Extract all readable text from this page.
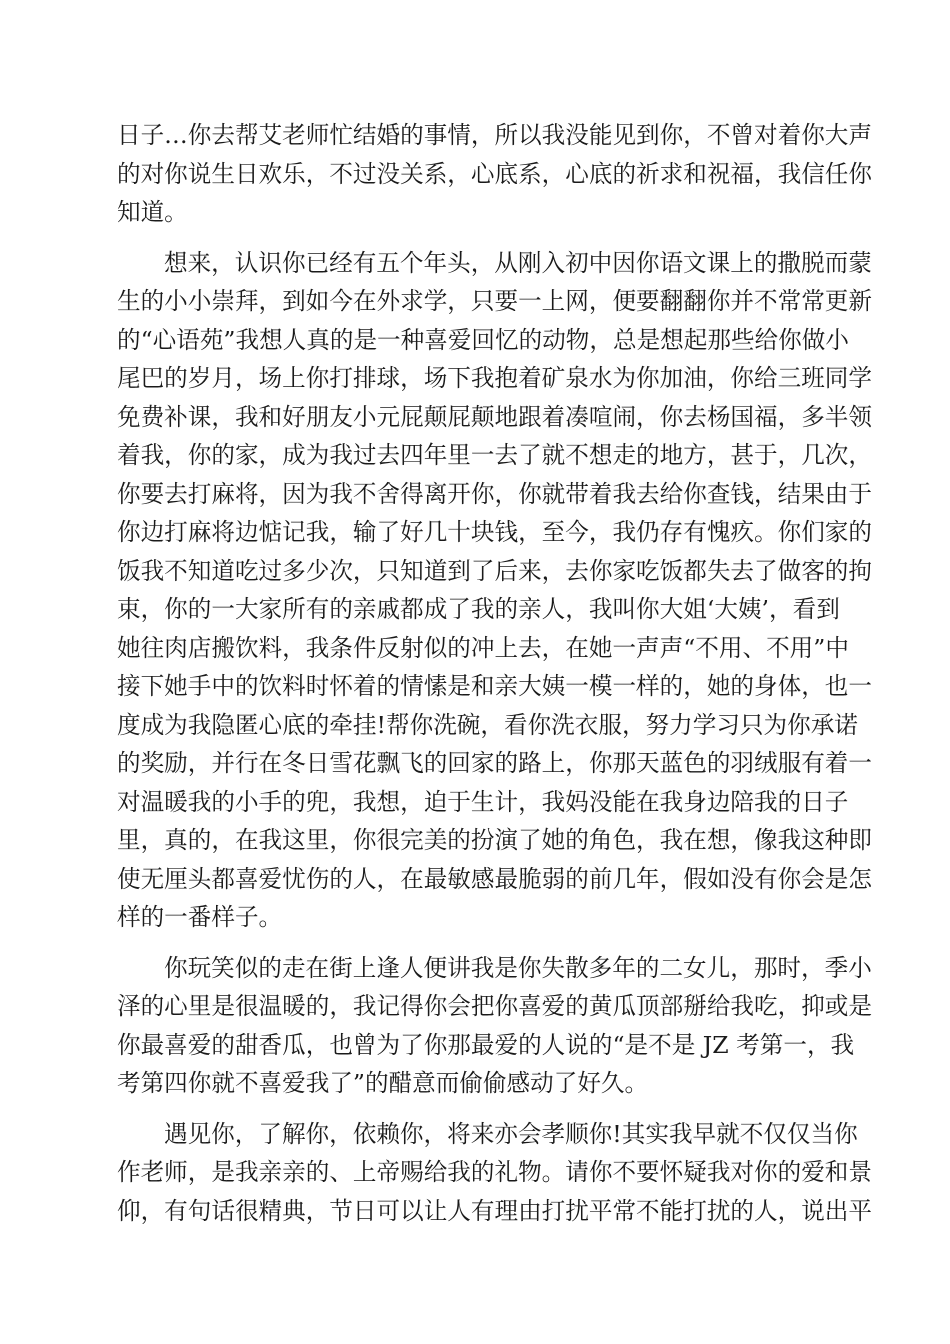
日子…你去帮艾老师忙结婚的事情，所以我没能见到你，不曾对着你大声
的对你说生日欢乐，不过没关系，心底系，心底的祈求和祝福，我信任你
知道。
想来，认识你已经有五个年头，从刚入初中因你语文课上的撒脱而蒙
生的小小崇拜，到如今在外求学，只要一上网，便要翻翻你并不常常更新
的“心语苑”我想人真的是一种喜爱回忆的动物，总是想起那些给你做小
尾巴的岁月，场上你打排球，场下我抱着矿泉水为你加油，你给三班同学
免费补课，我和好朋友小元屁颠屁颠地跟着凑喧闹，你去杨国福，多半领
着我，你的家，成为我过去四年里一去了就不想走的地方，甚于，几次，
你要去打麻将，因为我不舍得离开你，你就带着我去给你查钱，结果由于
你边打麻将边惦记我，输了好几十块钱，至今，我仍存有愧疚。你们家的
饭我不知道吃过多少次，只知道到了后来，去你家吃饭都失去了做客的拘
束，你的一大家所有的亲戚都成了我的亲人，我叫你大姐‘大姨’，看到
她往肉店搬饮料，我条件反射似的冲上去，在她一声声“不用、不用”中
接下她手中的饮料时怀着的情愫是和亲大姨一模一样的，她的身体，也一
度成为我隐匿心底的牵挂!帮你洗碗，看你洗衣服，努力学习只为你承诺
的奖励，并行在冬日雪花飘飞的回家的路上，你那天蓝色的羽绒服有着一
对温暖我的小手的兜，我想，迫于生计，我妈没能在我身边陪我的日子
里，真的，在我这里，你很完美的扮演了她的角色，我在想，像我这种即
使无厘头都喜爱忧伤的人，在最敏感最脆弱的前几年，假如没有你会是怎
样的一番样子。
你玩笑似的走在街上逢人便讲我是你失散多年的二女儿，那时，季小
泽的心里是很温暖的，我记得你会把你喜爱的黄瓜顶部掰给我吃，抑或是
你最喜爱的甜香瓜，也曾为了你那最爱的人说的“是不是 JZ 考第一，我
考第四你就不喜爱我了”的醋意而偷偷感动了好久。
遇见你，了解你，依赖你，将来亦会孝顺你!其实我早就不仅仅当你
作老师，是我亲亲的、上帝赐给我的礼物。请你不要怀疑我对你的爱和景
仰，有句话很精典，节日可以让人有理由打扰平常不能打扰的人，说出平
